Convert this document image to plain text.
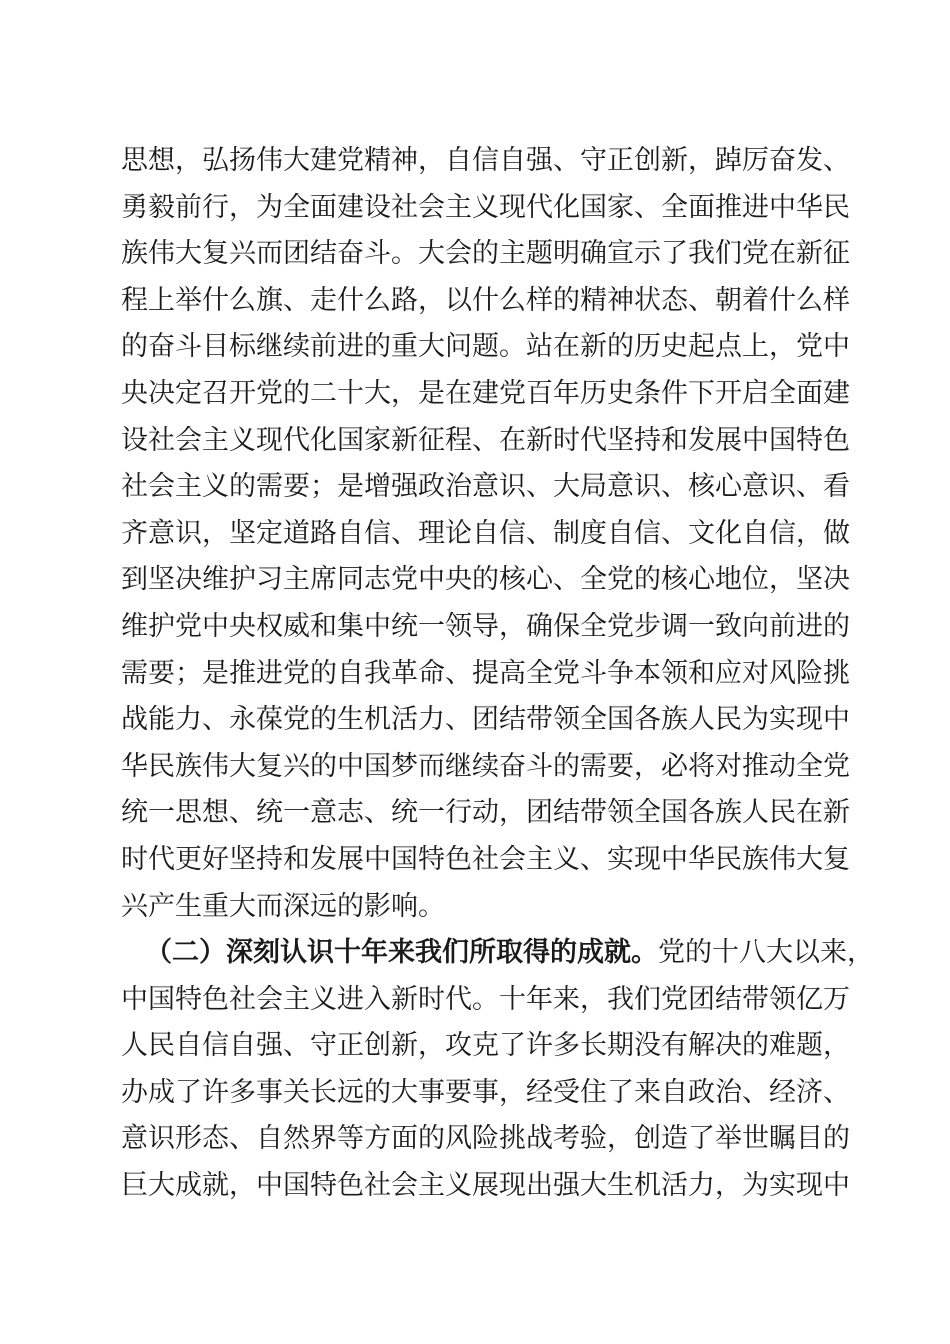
思想，弘扬伟大建党精神，自信自强、守正创新，踔厉奋发、
勇毅前行，为全面建设社会主义现代化国家、全面推进中华民
族伟大复兴而团结奋斗。大会的主题明确宣示了我们党在新征
程上举什么旗、走什么路，以什么样的精神状态、朝着什么样
的奋斗目标继续前进的重大问题。站在新的历史起点上，党中
央决定召开党的二十大，是在建党百年历史条件下开启全面建
设社会主义现代化国家新征程、在新时代坚持和发展中国特色
社会主义的需要；是增强政治意识、大局意识、核心意识、看
齐意识，坚定道路自信、理论自信、制度自信、文化自信，做
到坚决维护习主席同志党中央的核心、全党的核心地位，坚决
维护党中央权威和集中统一领导，确保全党步调一致向前进的
需要；是推进党的自我革命、提高全党斗争本领和应对风险挑
战能力、永葆党的生机活力、团结带领全国各族人民为实现中
华民族伟大复兴的中国梦而继续奋斗的需要，必将对推动全党
统一思想、统一意志、统一行动，团结带领全国各族人民在新
时代更好坚持和发展中国特色社会主义、实现中华民族伟大复
兴产生重大而深远的影响。
（二）深刻认识十年来我们所取得的成就。党的十八大以来，
中国特色社会主义进入新时代。十年来，我们党团结带领亿万
人民自信自强、守正创新，攻克了许多长期没有解决的难题，
办成了许多事关长远的大事要事，经受住了来自政治、经济、
意识形态、自然界等方面的风险挑战考验，创造了举世瞩目的
巨大成就，中国特色社会主义展现出强大生机活力，为实现中
